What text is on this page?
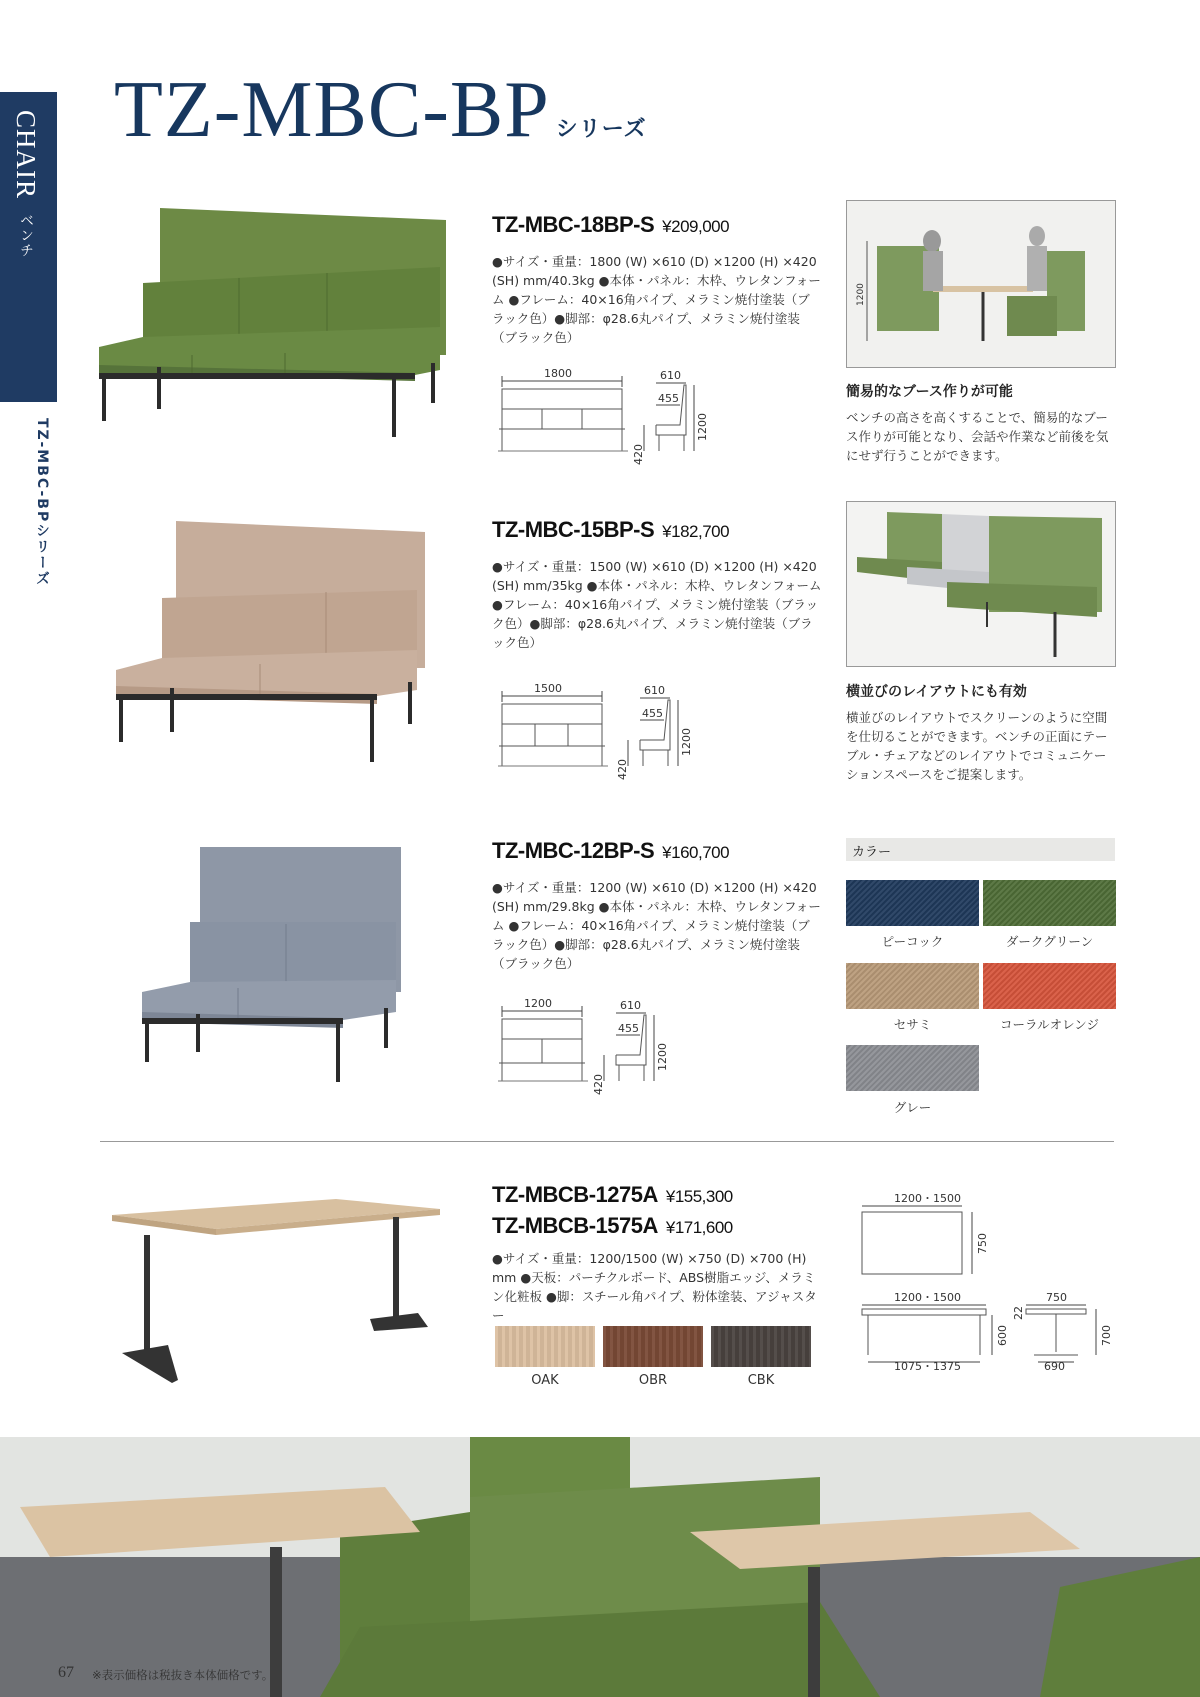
CHAIR ベンチ
TZ-MBC-BPシリーズ
TZ-MBC-BP シリーズ
TZ-MBC-18BP-S ¥209,000
●サイズ・重量：1800 (W) ×610 (D) ×1200 (H) ×420 (SH) mm/40.3kg ●本体・パネル：木枠、ウレタンフォーム ●フレーム：40×16角パイプ、メラミン焼付塗装（ブラック色）●脚部：φ28.6丸パイプ、メラミン焼付塗装（ブラック色）
1800	610
455
1200
420
TZ-MBC-15BP-S ¥182,700
●サイズ・重量：1500 (W) ×610 (D) ×1200 (H) ×420 (SH) mm/35kg ●本体・パネル：木枠、ウレタンフォーム ●フレーム：40×16角パイプ、メラミン焼付塗装（ブラック色）●脚部：φ28.6丸パイプ、メラミン焼付塗装（ブラック色）
1500	610
455
1200
420
TZ-MBC-12BP-S ¥160,700
●サイズ・重量：1200 (W) ×610 (D) ×1200 (H) ×420 (SH) mm/29.8kg ●本体・パネル：木枠、ウレタンフォーム ●フレーム：40×16角パイプ、メラミン焼付塗装（ブラック色）●脚部：φ28.6丸パイプ、メラミン焼付塗装（ブラック色）
1200	610
455
1200
420
1200
簡易的なブース作りが可能
ベンチの高さを高くすることで、簡易的なブース作りが可能となり、会話や作業など前後を気にせず行うことができます。
横並びのレイアウトにも有効
横並びのレイアウトでスクリーンのように空間を仕切ることができます。ベンチの正面にテーブル・チェアなどのレイアウトでコミュニケーションスペースをご提案します。
カラー
ピーコック	ダークグリーン
セサミ	コーラルオレンジ
グレー
TZ-MBCB-1275A ¥155,300
TZ-MBCB-1575A ¥171,600
●サイズ・重量：1200/1500 (W) ×750 (D) ×700 (H) mm ●天板：パーチクルボード、ABS樹脂エッジ、メラミン化粧板 ●脚：スチール角パイプ、粉体塗装、アジャスター
OAK	OBR	CBK
1200・1500
750
1200・1500
1075・1375
600
22
750
690
700
67 ※表示価格は税抜き本体価格です。
